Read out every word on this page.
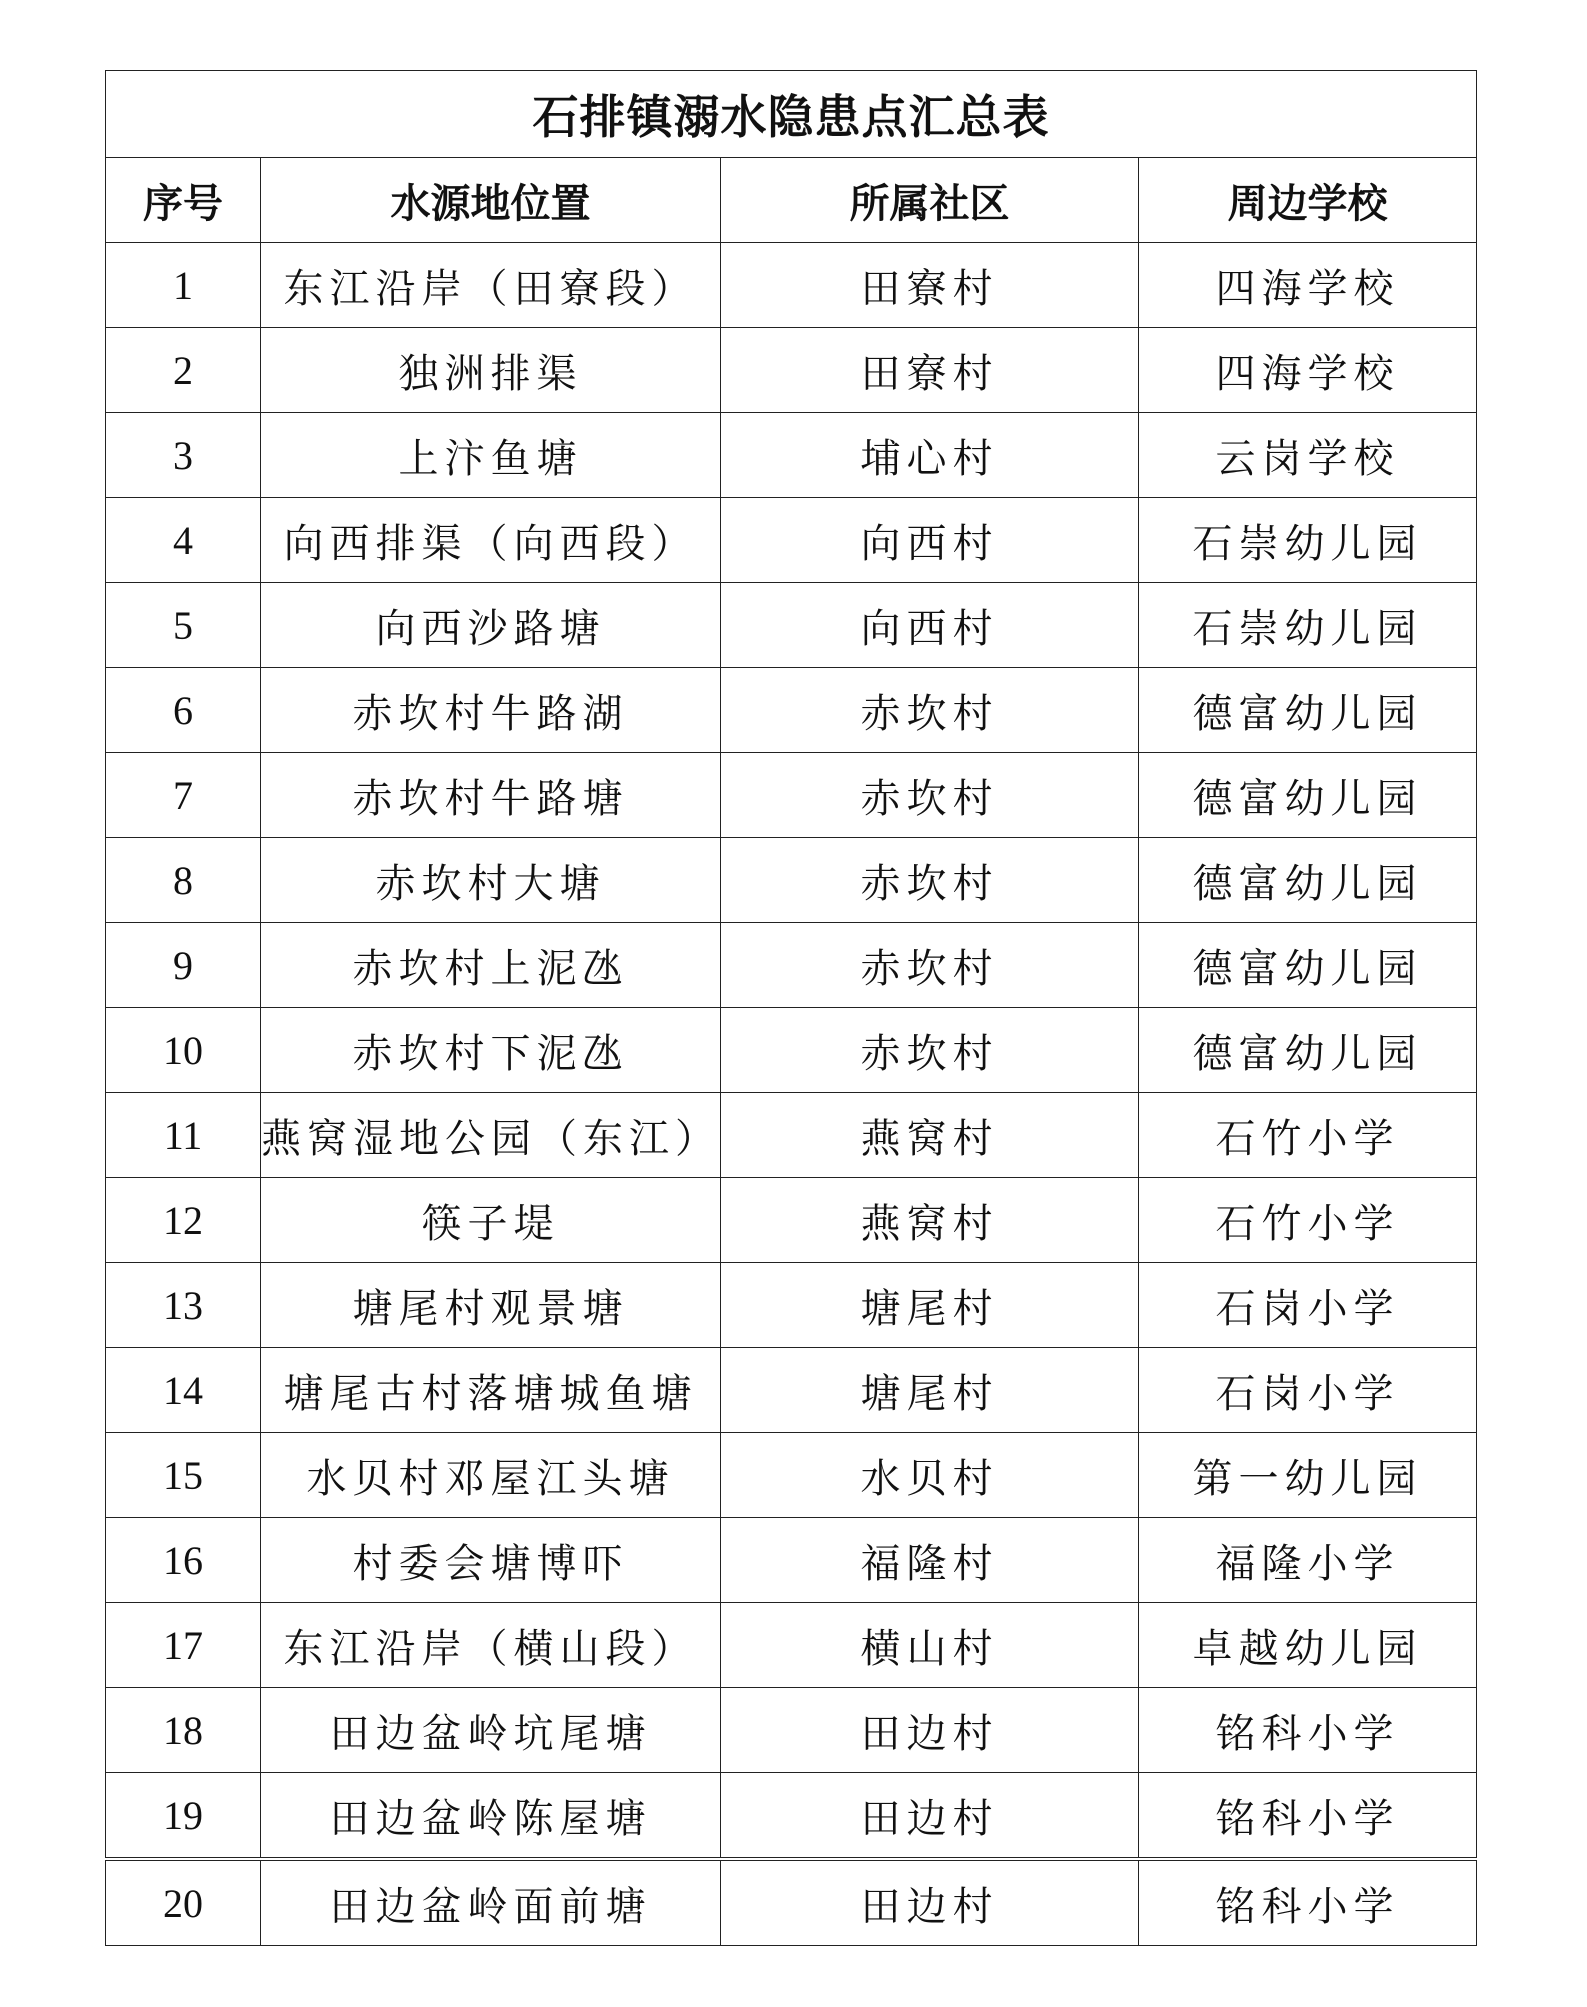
石排镇溺水隐患点汇总表			
序号	水源地位置	所属社区	周边学校
1	东江沿岸（田寮段）	田寮村	四海学校
2	独洲排渠	田寮村	四海学校
3	上汴鱼塘	埔心村	云岗学校
4	向西排渠（向西段）	向西村	石崇幼儿园
5	向西沙路塘	向西村	石崇幼儿园
6	赤坎村牛路湖	赤坎村	德富幼儿园
7	赤坎村牛路塘	赤坎村	德富幼儿园
8	赤坎村大塘	赤坎村	德富幼儿园
9	赤坎村上泥氹	赤坎村	德富幼儿园
10	赤坎村下泥氹	赤坎村	德富幼儿园
11	燕窝湿地公园（东江）	燕窝村	石竹小学
12	筷子堤	燕窝村	石竹小学
13	塘尾村观景塘	塘尾村	石岗小学
14	塘尾古村落塘城鱼塘	塘尾村	石岗小学
15	水贝村邓屋江头塘	水贝村	第一幼儿园
16	村委会塘博吓	福隆村	福隆小学
17	东江沿岸（横山段）	横山村	卓越幼儿园
18	田边盆岭坑尾塘	田边村	铭科小学
19	田边盆岭陈屋塘	田边村	铭科小学
20	田边盆岭面前塘	田边村	铭科小学
